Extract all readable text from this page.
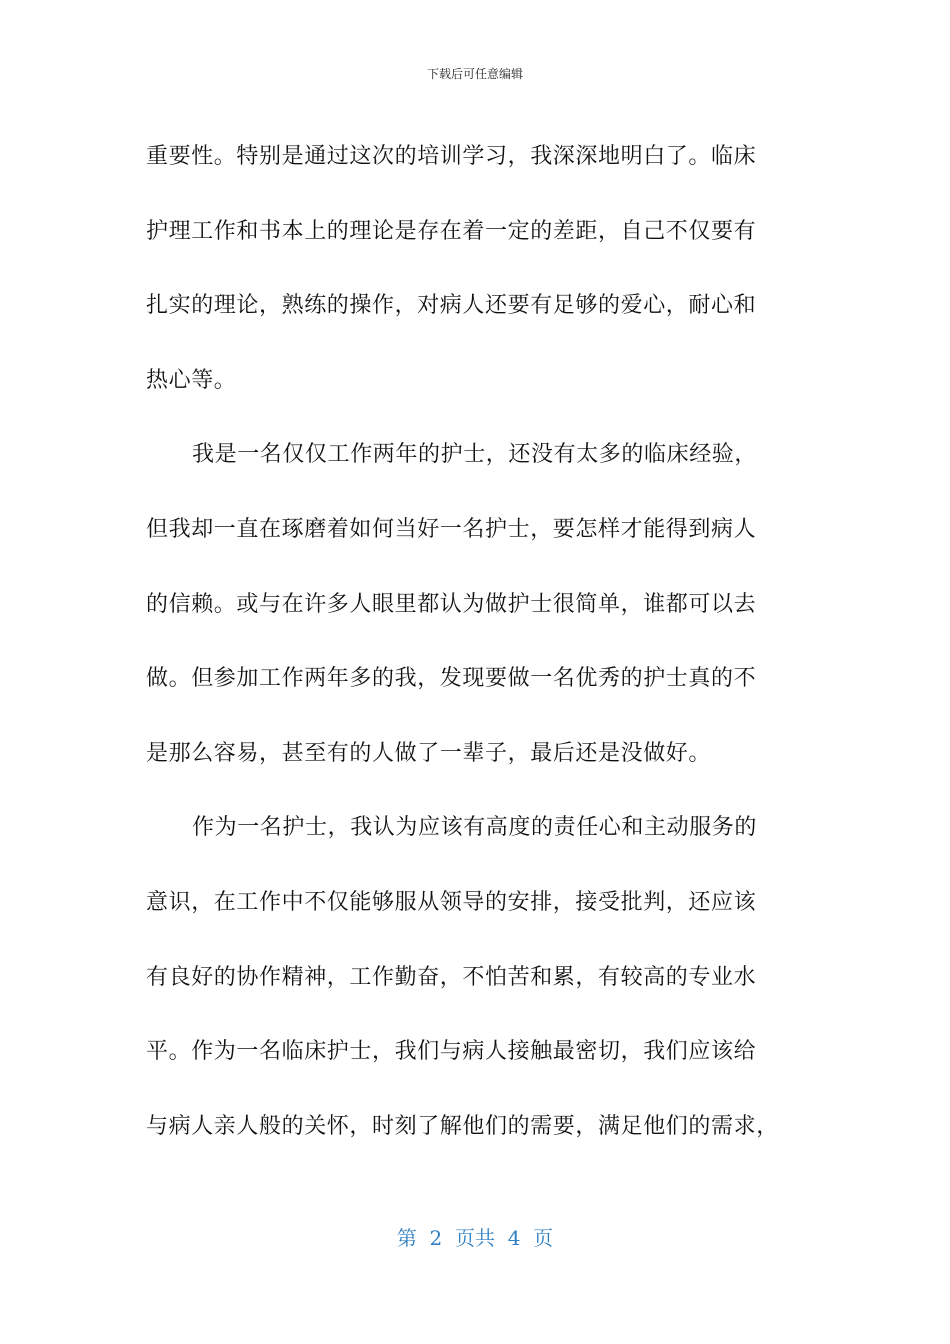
下载后可任意编辑
重要性。特别是通过这次的培训学习，我深深地明白了。临床
护理工作和书本上的理论是存在着一定的差距，自己不仅要有
扎实的理论，熟练的操作，对病人还要有足够的爱心，耐心和
热心等。
我是一名仅仅工作两年的护士，还没有太多的临床经验，
但我却一直在琢磨着如何当好一名护士，要怎样才能得到病人
的信赖。或与在许多人眼里都认为做护士很简单，谁都可以去
做。但参加工作两年多的我，发现要做一名优秀的护士真的不
是那么容易，甚至有的人做了一辈子，最后还是没做好。
作为一名护士，我认为应该有高度的责任心和主动服务的
意识，在工作中不仅能够服从领导的安排，接受批判，还应该
有良好的协作精神，工作勤奋，不怕苦和累，有较高的专业水
平。作为一名临床护士，我们与病人接触最密切，我们应该给
与病人亲人般的关怀，时刻了解他们的需要，满足他们的需求，
第  2  页共  4  页
